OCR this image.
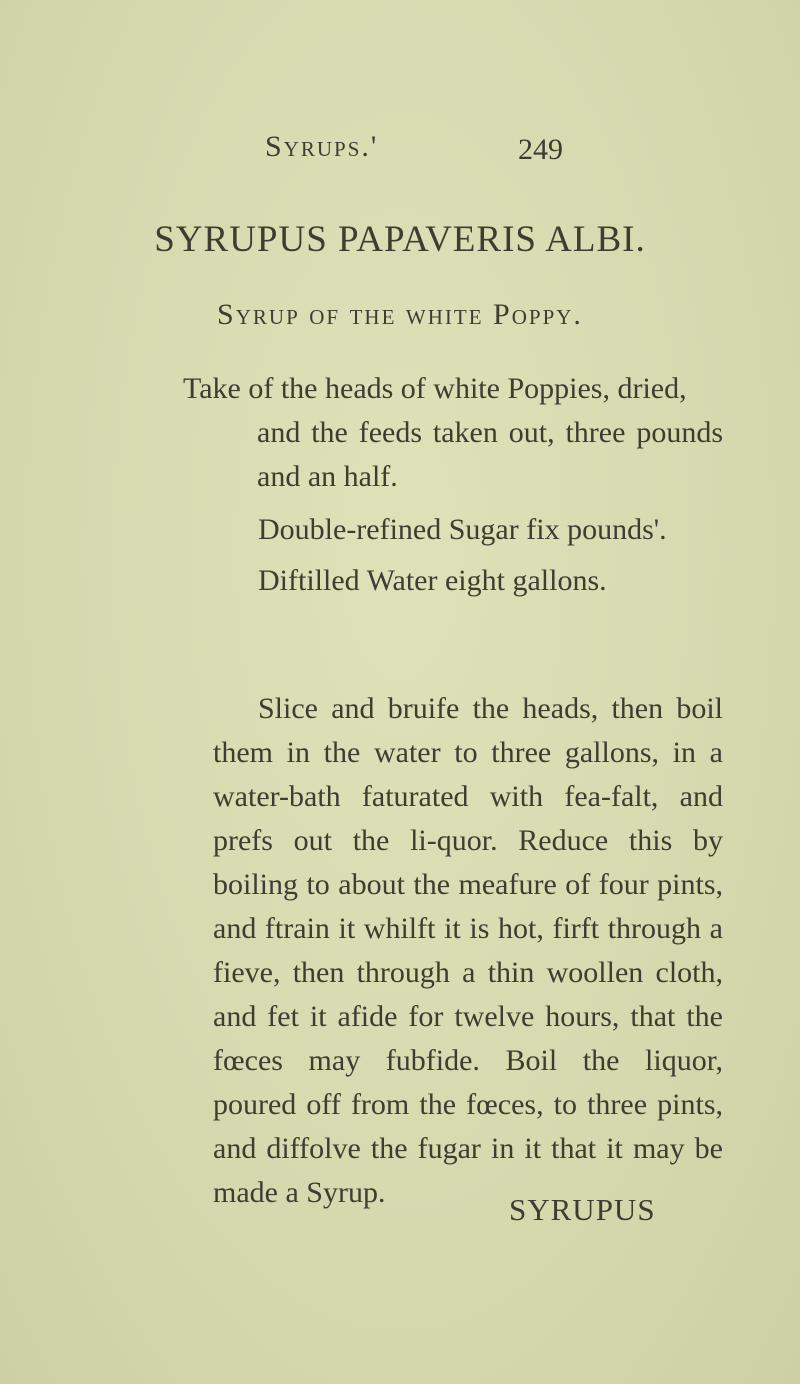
Syrups.'	249
SYRUPUS PAPAVERIS ALBI.
Syrup of the white Poppy.
Take of the heads of white Poppies, dried,
and the feeds taken out, three pounds and an half.
Double-refined Sugar fix pounds'.
Diftilled Water eight gallons.
Slice and bruife the heads, then boil them in the water to three gallons, in a water-bath faturated with fea-falt, and prefs out the li-quor. Reduce this by boiling to about the meafure of four pints, and ftrain it whilft it is hot, firft through a fieve, then through a thin woollen cloth, and fet it afide for twelve hours, that the fœces may fubfide. Boil the liquor, poured off from the fœces, to three pints, and diffolve the fugar in it that it may be made a Syrup.	SYRUPUS
